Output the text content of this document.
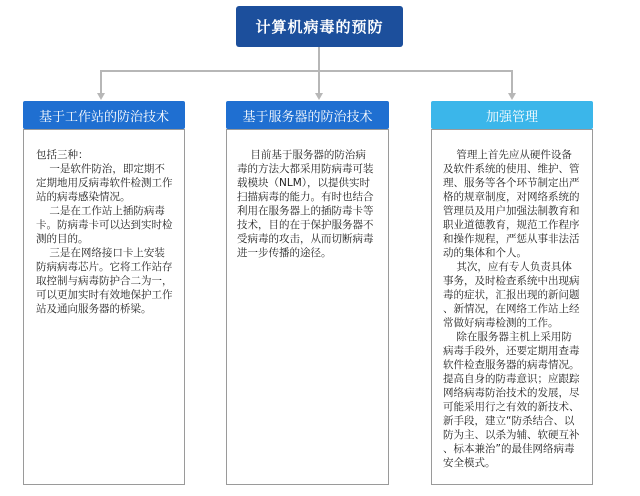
计算机病毒的预防
基于工作站的防治技术
包括三种：
一是软件防治，即定期不
定期地用反病毒软件检测工作
站的病毒感染情况。
二是在工作站上插防病毒
卡。防病毒卡可以达到实时检
测的目的。
三是在网络接口卡上安装
防病病毒芯片。它将工作站存
取控制与病毒防护合二为一，
可以更加实时有效地保护工作
站及通向服务器的桥梁。
基于服务器的防治技术
目前基于服务器的防治病
毒的方法大都采用防病毒可装
载模块（NLM），以提供实时
扫描病毒的能力。有时也结合
利用在服务器上的插防毒卡等
技术，目的在于保护服务器不
受病毒的攻击，从而切断病毒
进一步传播的途径。
加强管理
管理上首先应从硬件设备
及软件系统的使用、维护、管
理、服务等各个环节制定出严
格的规章制度，对网络系统的
管理员及用户加强法制教育和
职业道德教育，规范工作程序
和操作规程，严惩从事非法活
动的集体和个人。
其次，应有专人负责具体
事务，及时检查系统中出现病
毒的症状，汇报出现的新问题
、新情况，在网络工作站上经
常做好病毒检测的工作。
除在服务器主机上采用防
病毒手段外，还要定期用查毒
软件检查服务器的病毒情况。
提高自身的防毒意识；应跟踪
网络病毒防治技术的发展，尽
可能采用行之有效的新技术、
新手段，建立“防杀结合、以
防为主、以杀为辅、软硬互补
、标本兼治”的最佳网络病毒
安全模式。
